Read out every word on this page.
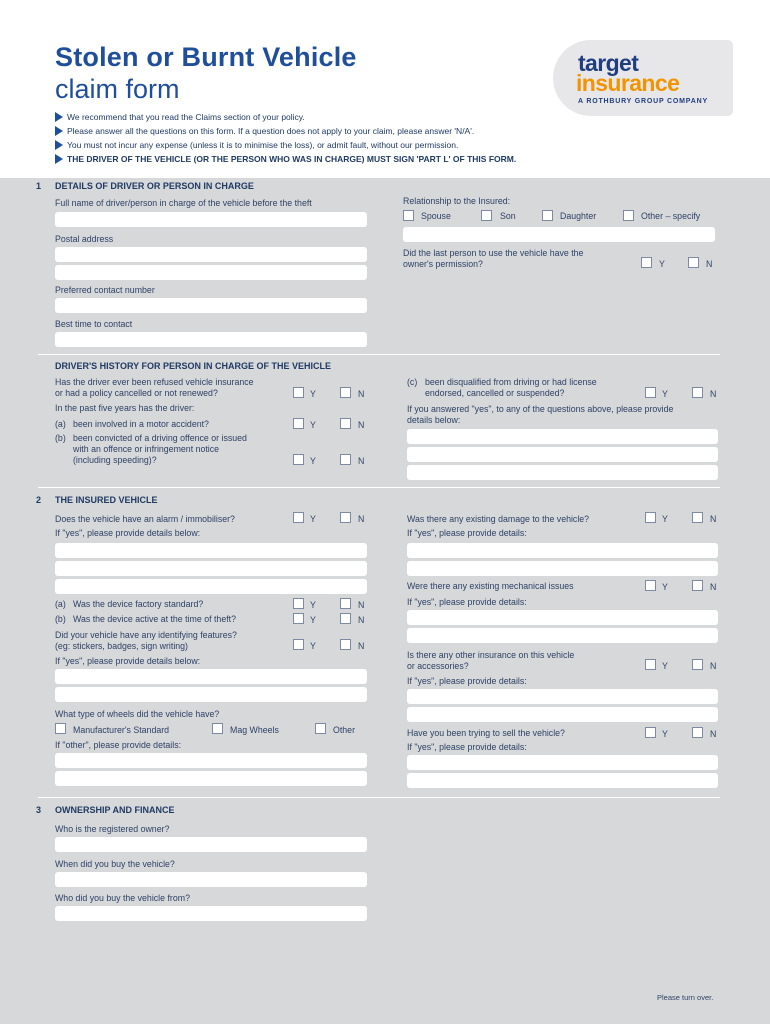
Stolen or Burnt Vehicle
claim form
target
insurance
A ROTHBURY GROUP COMPANY
We recommend that you read the Claims section of your policy.
Please answer all the questions on this form. If a question does not apply to your claim, please answer 'N/A'.
You must not incur any expense (unless it is to minimise the loss), or admit fault, without our permission.
THE DRIVER OF THE VEHICLE (OR THE PERSON WHO WAS IN CHARGE) MUST SIGN 'PART L' OF THIS FORM.
1 DETAILS OF DRIVER OR PERSON IN CHARGE
Full name of driver/person in charge of the vehicle before the theft
Postal address
Preferred contact number
Best time to contact
Relationship to the Insured:
Spouse	Son	Daughter	Other – specify
Did the last person to use the vehicle have the
owner's permission?	Y	N
DRIVER'S HISTORY FOR PERSON IN CHARGE OF THE VEHICLE
Has the driver ever been refused vehicle insurance
or had a policy cancelled or not renewed?	Y	N
In the past five years has the driver:
(a) been involved in a motor accident?	Y	N
(b) been convicted of a driving offence or issued
with an offence or infringement notice
(including speeding)?	Y	N
(c) been disqualified from driving or had license
endorsed, cancelled or suspended?	Y	N
If you answered "yes", to any of the questions above, please provide
details below:
2 THE INSURED VEHICLE
Does the vehicle have an alarm / immobiliser?	Y	N
If "yes", please provide details below:
(a) Was the device factory standard?	Y	N
(b) Was the device active at the time of theft?	Y	N
Did your vehicle have any identifying features?
(eg: stickers, badges, sign writing)	Y	N
If "yes", please provide details below:
What type of wheels did the vehicle have?
Manufacturer's Standard	Mag Wheels	Other
If "other", please provide details:
Was there any existing damage to the vehicle?	Y	N
If "yes", please provide details:
Were there any existing mechanical issues	Y	N
If "yes", please provide details:
Is there any other insurance on this vehicle
or accessories?	Y	N
If "yes", please provide details:
Have you been trying to sell the vehicle?	Y	N
If "yes", please provide details:
3 OWNERSHIP AND FINANCE
Who is the registered owner?
When did you buy the vehicle?
Who did you buy the vehicle from?
Please turn over.
